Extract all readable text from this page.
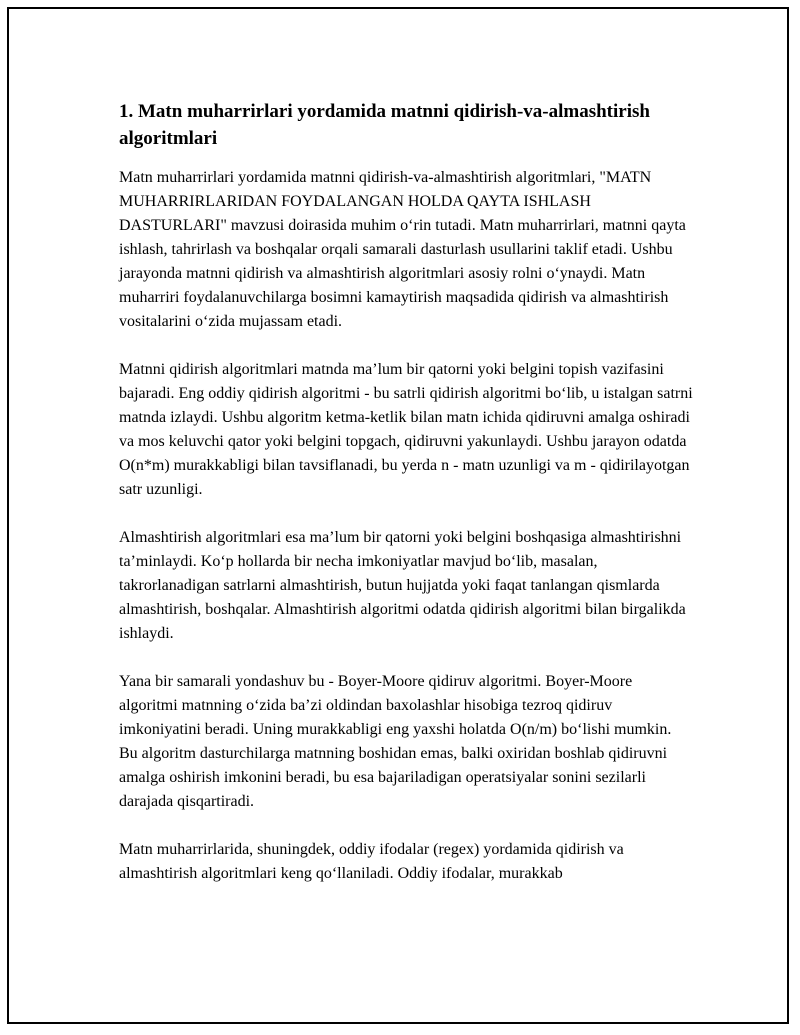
1. Matn muharrirlari yordamida matnni qidirish-va-almashtirish algoritmlari

Matn muharrirlari yordamida matnni qidirish-va-almashtirish algoritmlari, "MATN MUHARRIRLARIDAN FOYDALANGAN HOLDA QAYTA ISHLASH DASTURLARI" mavzusi doirasida muhim o‘rin tutadi. Matn muharrirlari, matnni qayta ishlash, tahrirlash va boshqalar orqali samarali dasturlash usullarini taklif etadi. Ushbu jarayonda matnni qidirish va almashtirish algoritmlari asosiy rolni o‘ynaydi. Matn muharriri foydalanuvchilarga bosimni kamaytirish maqsadida qidirish va almashtirish vositalarini o‘zida mujassam etadi.

Matnni qidirish algoritmlari matnda ma’lum bir qatorni yoki belgini topish vazifasini bajaradi. Eng oddiy qidirish algoritmi - bu satrli qidirish algoritmi bo‘lib, u istalgan satrni matnda izlaydi. Ushbu algoritm ketma-ketlik bilan matn ichida qidiruvni amalga oshiradi va mos keluvchi qator yoki belgini topgach, qidiruvni yakunlaydi. Ushbu jarayon odatda O(n*m) murakkabligi bilan tavsiflanadi, bu yerda n - matn uzunligi va m - qidirilayotgan satr uzunligi.

Almashtirish algoritmlari esa ma’lum bir qatorni yoki belgini boshqasiga almashtirishni ta’minlaydi. Ko‘p hollarda bir necha imkoniyatlar mavjud bo‘lib, masalan, takrorlanadigan satrlarni almashtirish, butun hujjatda yoki faqat tanlangan qismlarda almashtirish, boshqalar. Almashtirish algoritmi odatda qidirish algoritmi bilan birgalikda ishlaydi.

Yana bir samarali yondashuv bu - Boyer-Moore qidiruv algoritmi. Boyer-Moore algoritmi matnning o‘zida ba’zi oldindan baxolashlar hisobiga tezroq qidiruv imkoniyatini beradi. Uning murakkabligi eng yaxshi holatda O(n/m) bo‘lishi mumkin. Bu algoritm dasturchilarga matnning boshidan emas, balki oxiridan boshlab qidiruvni amalga oshirish imkonini beradi, bu esa bajariladigan operatsiyalar sonini sezilarli darajada qisqartiradi.

Matn muharrirlarida, shuningdek, oddiy ifodalar (regex) yordamida qidirish va almashtirish algoritmlari keng qo‘llaniladi. Oddiy ifodalar, murakkab
